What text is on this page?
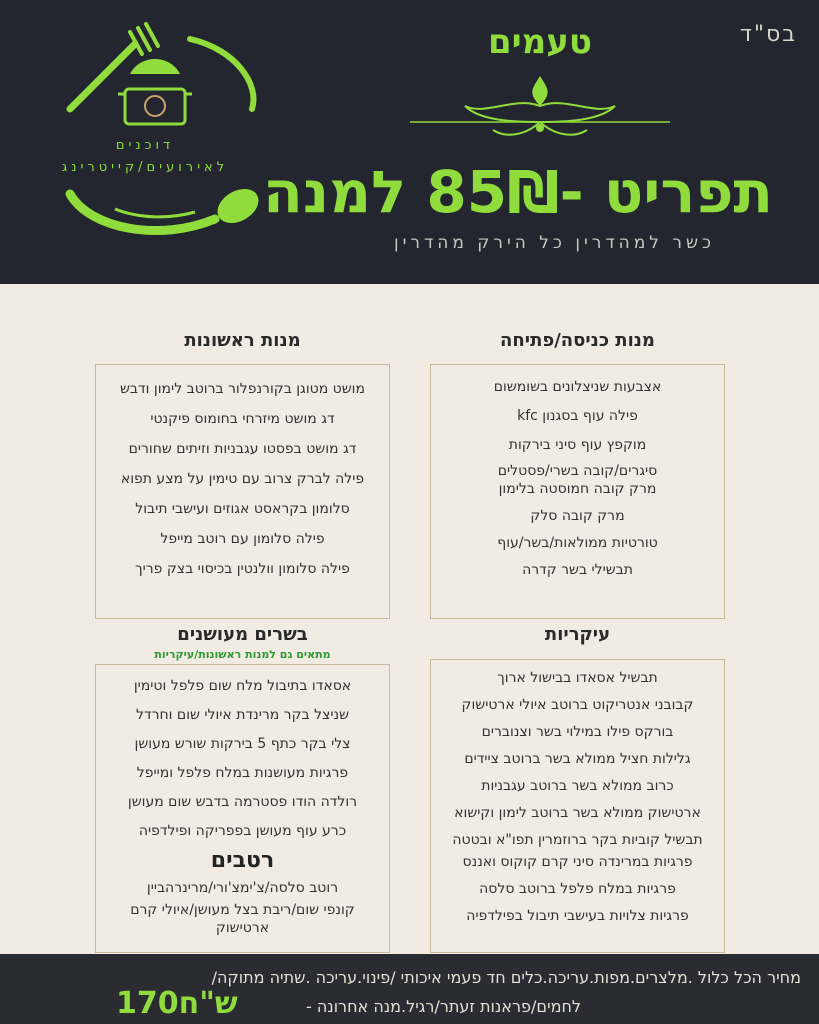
בס"ד
טעמים
תפריט -85₪ למנה
כשר למהדרין כל הירק מהדרין
דוכנים
לאירועים/קייטרינג
מנות כניסה/פתיחה
אצבעות שניצלונים בשומשום
פילה עוף בסגנון kfc
מוקפץ עוף סיני בירקות
סיגרים/קובה בשרי/פסטלים
מרק קובה חמוסטה בלימון
מרק קובה סלק
טורטיות ממולאות/בשר/עוף
תבשילי בשר קדרה
מנות ראשונות
מושט מטוגן בקורנפלור ברוטב לימון ודבש
דג מושט מיזרחי בחומוס פיקנטי
דג מושט בפסטו עגבניות וזיתים שחורים
פילה לברק צרוב עם טימין על מצע תפוא
סלומון בקראסט אגוזים ועישבי תיבול
פילה סלומון עם רוטב מייפל
פילה סלומון וולנטין בכיסוי בצק פריך
עיקריות
תבשיל אסאדו בבישול ארוך
קבובני אנטריקוט ברוטב איולי ארטישוק
בורקס פילו במילוי בשר וצנוברים
גלילות חציל ממולא בשר ברוטב ציידים
כרוב ממולא בשר ברוטב עגבניות
ארטישוק ממולא בשר ברוטב לימון וקישוא
תבשיל קוביות בקר ברוזמרין תפו"א ובטטה
פרגיות במרינדה סיני קרם קוקוס ואננס
פרגיות במלח פלפל ברוטב סלסה
פרגיות צלויות בעישבי תיבול בפילדפיה
בשרים מעושנים
מתאים גם למנות ראשונות/עיקריות
אסאדו בתיבול מלח שום פלפל וטימין
שניצל בקר מרינדת איולי שום וחרדל
צלי בקר כתף 5 בירקות שורש מעושן
פרגיות מעושנות במלח פלפל ומייפל
רולדה הודו פסטרמה בדבש שום מעושן
כרע עוף מעושן בפפריקה ופילדפיה
רטבים
רוטב סלסה/צ'ימצ'ורי/מרינרהביין
קונפי שום/ריבת בצל מעושן/איולי קרם
ארטישוק
מחיר הכל כלול .מלצרים.מפות.עריכה.כלים חד פעמי איכותי /פינוי.עריכה .שתיה מתוקה/
לחמים/פראנות זעתר/רגיל.מנה אחרונה -
170ש"ח
